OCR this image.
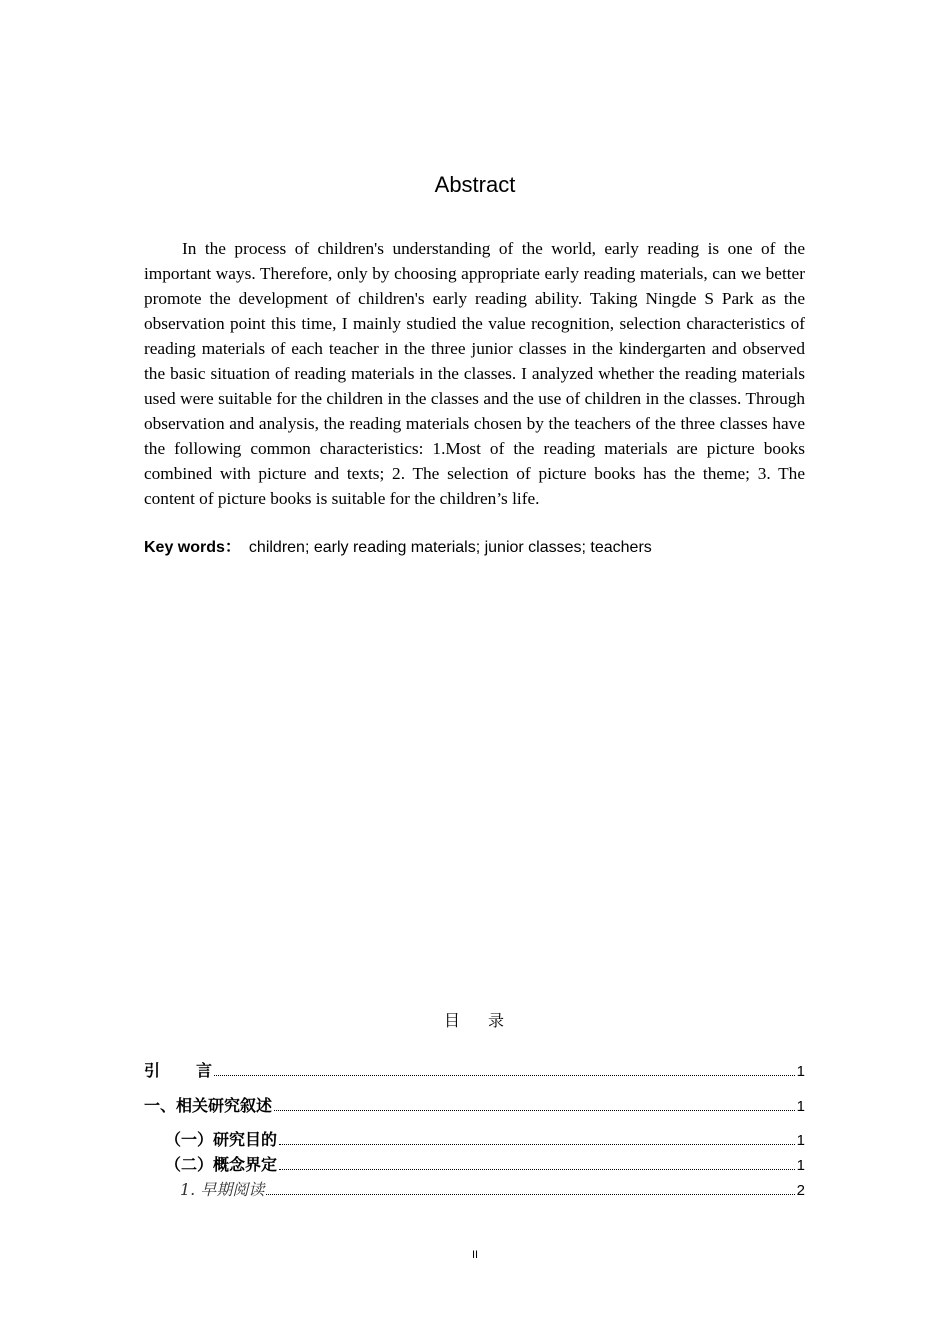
Abstract

In the process of children's understanding of the world, early reading is one of the important ways. Therefore, only by choosing appropriate early reading materials, can we better promote the development of children's early reading ability. Taking Ningde S Park as the observation point this time, I mainly studied the value recognition, selection characteristics of reading materials of each teacher in the three junior classes in the kindergarten and observed the basic situation of reading materials in the classes. I analyzed whether the reading materials used were suitable for the children in the classes and the use of children in the classes. Through observation and analysis, the reading materials chosen by the teachers of the three classes have the following common characteristics: 1.Most of the reading materials are picture books combined with picture and texts; 2. The selection of picture books has the theme; 3. The content of picture books is suitable for the children’s life.

Key words： children; early reading materials; junior classes; teachers
目 录
引 言	1
一、相关研究叙述	1
（一）研究目的	1
（二）概念界定	1
1. 早期阅读	2
II
